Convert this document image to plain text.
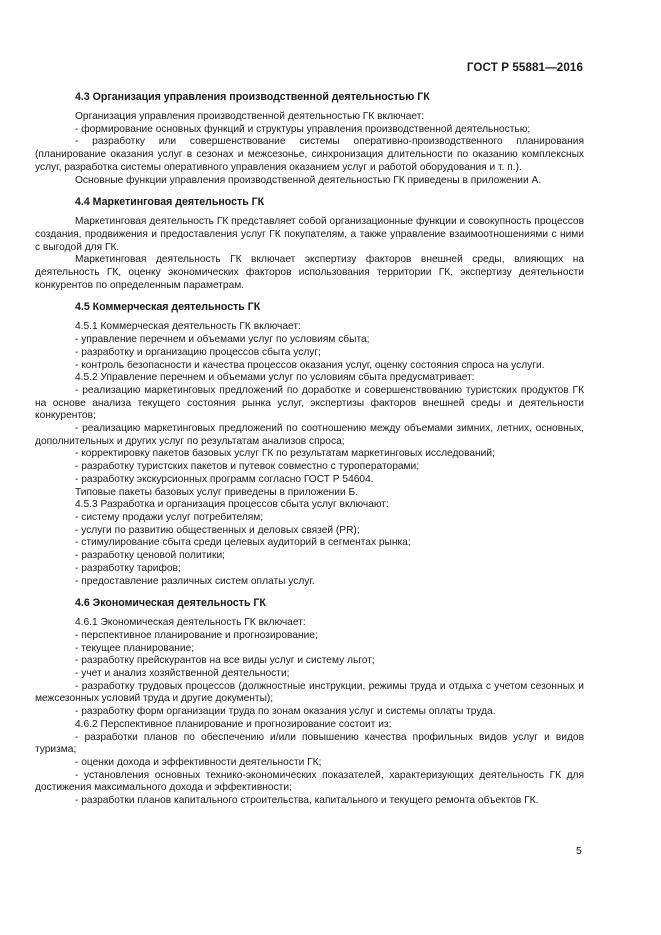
ГОСТ Р 55881—2016
4.3 Организация управления производственной деятельностью ГК

Организация управления производственной деятельностью ГК включает:

- формирование основных функций и структуры управления производственной деятельностью;

- разработку или совершенствование системы оперативно-производственного планирования (планирование оказания услуг в сезонах и межсезонье, синхронизация длительности по оказанию комплексных услуг, разработка системы оперативного управления оказанием услуг и работой оборудования и т. п.).

Основные функции управления производственной деятельностью ГК приведены в приложении А.

4.4 Маркетинговая деятельность ГК

Маркетинговая деятельность ГК представляет собой организационные функции и совокупность процессов создания, продвижения и предоставления услуг ГК покупателям, а также управление взаимоотношениями с ними с выгодой для ГК.

Маркетинговая деятельность ГК включает экспертизу факторов внешней среды, влияющих на деятельность ГК, оценку экономических факторов использования территории ГК, экспертизу деятельности конкурентов по определенным параметрам.

4.5 Коммерческая деятельность ГК

4.5.1 Коммерческая деятельность ГК включает:

- управление перечнем и объемами услуг по условиям сбыта;

- разработку и организацию процессов сбыта услуг;

- контроль безопасности и качества процессов оказания услуг, оценку состояния спроса на услуги.

4.5.2 Управление перечнем и объемами услуг по условиям сбыта предусматривает:

- реализацию маркетинговых предложений по доработке и совершенствованию туристских продуктов ГК на основе анализа текущего состояния рынка услуг, экспертизы факторов внешней среды и деятельности конкурентов;

- реализацию маркетинговых предложений по соотношению между объемами зимних, летних, основных, дополнительных и других услуг по результатам анализов спроса;

- корректировку пакетов базовых услуг ГК по результатам маркетинговых исследований;

- разработку туристских пакетов и путевок совместно с туроператорами;

- разработку экскурсионных программ согласно ГОСТ Р 54604.

Типовые пакеты базовых услуг приведены в приложении Б.

4.5.3 Разработка и организация процессов сбыта услуг включают:

- систему продажи услуг потребителям;

- услуги по развитию общественных и деловых связей (PR);

- стимулирование сбыта среди целевых аудиторий в сегментах рынка;

- разработку ценовой политики;

- разработку тарифов;

- предоставление различных систем оплаты услуг.

4.6 Экономическая деятельность ГК

4.6.1 Экономическая деятельность ГК включает:

- перспективное планирование и прогнозирование;

- текущее планирование;

- разработку прейскурантов на все виды услуг и систему льгот;

- учет и анализ хозяйственной деятельности;

- разработку трудовых процессов (должностные инструкции, режимы труда и отдыха с учетом сезонных и межсезонных условий труда и другие документы);

- разработку форм организации труда по зонам оказания услуг и системы оплаты труда.

4.6.2 Перспективное планирование и прогнозирование состоит из:

- разработки планов по обеспечению и/или повышению качества профильных видов услуг и видов туризма;

- оценки дохода и эффективности деятельности ГК;

- установления основных технико-экономических показателей, характеризующих деятельность ГК для достижения максимального дохода и эффективности;

- разработки планов капитального строительства, капитального и текущего ремонта объектов ГК.

5
